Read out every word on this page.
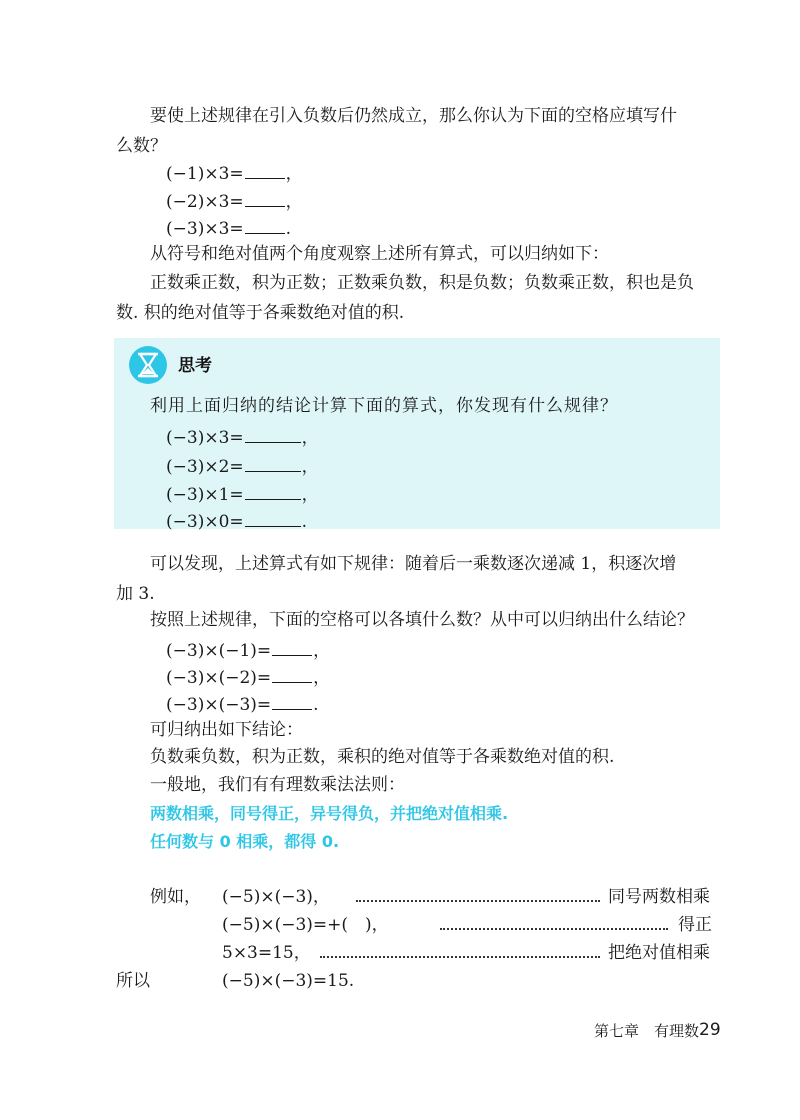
要使上述规律在引入负数后仍然成立，那么你认为下面的空格应填写什
么数？
(−1)×3= ，
(−2)×3= ，
(−3)×3= .
从符号和绝对值两个角度观察上述所有算式，可以归纳如下：
正数乘正数，积为正数；正数乘负数，积是负数；负数乘正数，积也是负
数. 积的绝对值等于各乘数绝对值的积.
思考
利用上面归纳的结论计算下面的算式，你发现有什么规律？
(−3)×3=	，
(−3)×2=	，
(−3)×1=	，
(−3)×0=	.
可以发现，上述算式有如下规律：随着后一乘数逐次递减 1，积逐次增
加 3.
按照上述规律，下面的空格可以各填什么数？从中可以归纳出什么结论？
(−3)×(−1)= ，
(−3)×(−2)= ，
(−3)×(−3)= .
可归纳出如下结论：
负数乘负数，积为正数，乘积的绝对值等于各乘数绝对值的积.
一般地，我们有有理数乘法法则：
两数相乘，同号得正，异号得负，并把绝对值相乘.
任何数与 0 相乘，都得 0.
例如， (−5)×(−3)，	同号两数相乘
(−5)×(−3)=+(　)，	得正
5×3=15，	把绝对值相乘
所以	(−5)×(−3)=15.
第七章　有理数 29
